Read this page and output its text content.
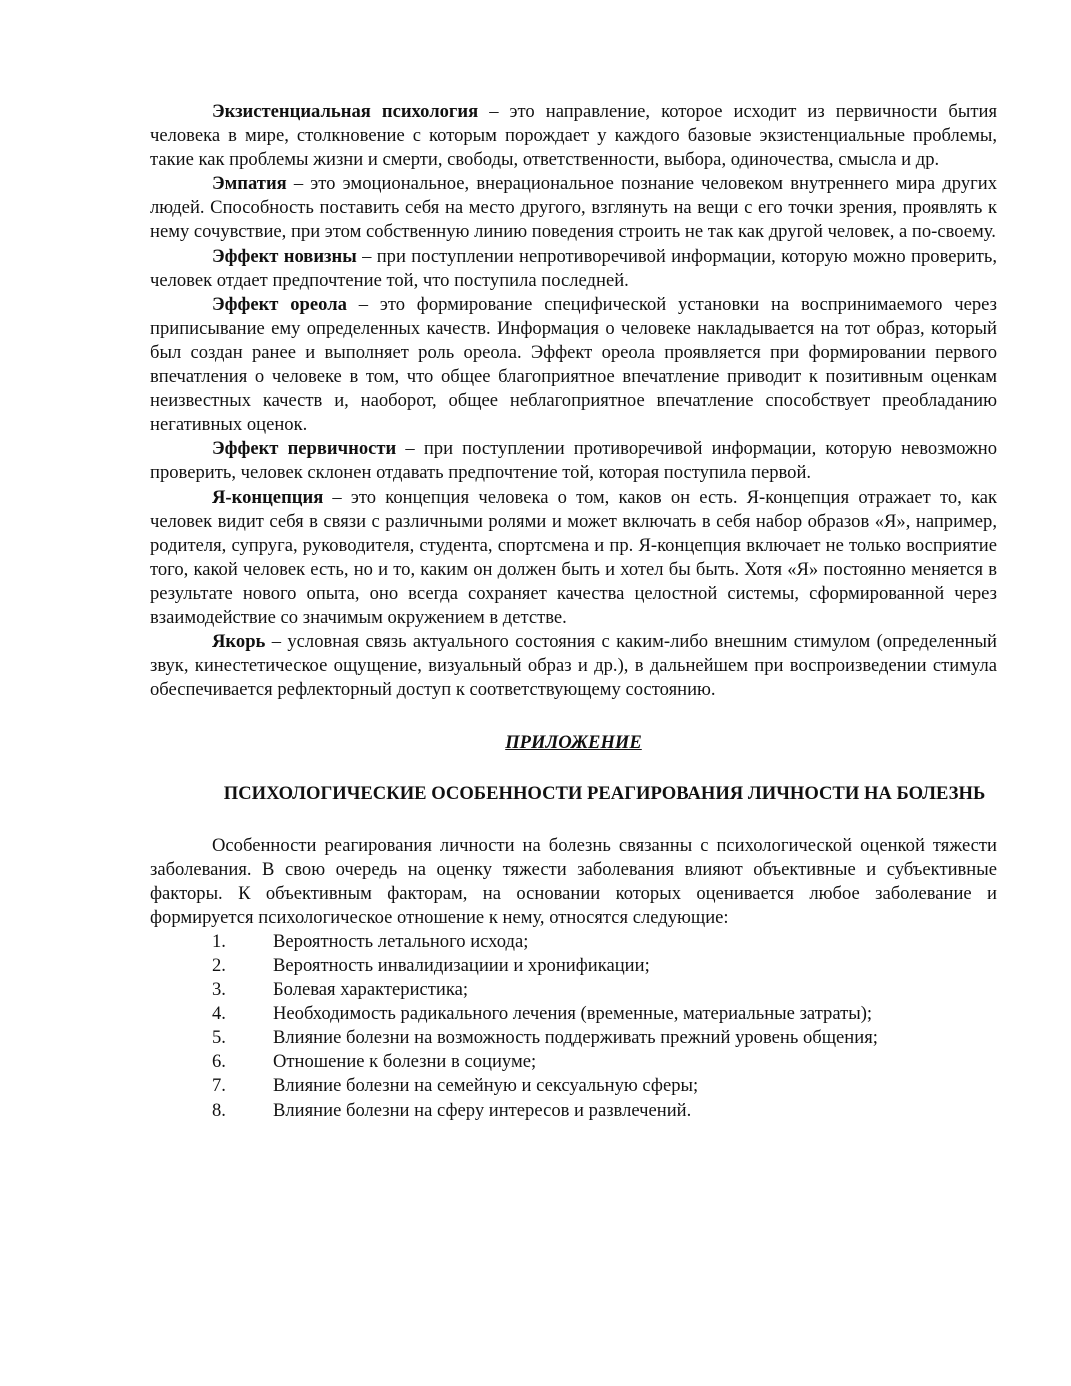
Экзистенциальная психология – это направление, которое исходит из первичности бытия человека в мире, столкновение с которым порождает у каждого базовые экзистенциальные проблемы, такие как проблемы жизни и смерти, свободы, ответственности, выбора, одиночества, смысла и др.

Эмпатия – это эмоциональное, внерациональное познание человеком внутреннего мира других людей. Способность поставить себя на место другого, взглянуть на вещи с его точки зрения, проявлять к нему сочувствие, при этом собственную линию поведения строить не так как другой человек, а по-своему.

Эффект новизны – при поступлении непротиворечивой информации, которую можно проверить, человек отдает предпочтение той, что поступила последней.

Эффект ореола – это формирование специфической установки на воспринимаемого через приписывание ему определенных качеств. Информация о человеке накладывается на тот образ, который был создан ранее и выполняет роль ореола. Эффект ореола проявляется при формировании первого впечатления о человеке в том, что общее благоприятное впечатление приводит к позитивным оценкам неизвестных качеств и, наоборот, общее неблагоприятное впечатление способствует преобладанию негативных оценок.

Эффект первичности – при поступлении противоречивой информации, которую невозможно проверить, человек склонен отдавать предпочтение той, которая поступила первой.

Я-концепция – это концепция человека о том, каков он есть. Я-концепция отражает то, как человек видит себя в связи с различными ролями и может включать в себя набор образов «Я», например, родителя, супруга, руководителя, студента, спортсмена и пр. Я-концепция включает не только восприятие того, какой человек есть, но и то, каким он должен быть и хотел бы быть. Хотя «Я» постоянно меняется в результате нового опыта, оно всегда сохраняет качества целостной системы, сформированной через взаимодействие со значимым окружением в детстве.

Якорь – условная связь актуального состояния с каким-либо внешним стимулом (определенный звук, кинестетическое ощущение, визуальный образ и др.), в дальнейшем при воспроизведении стимула обеспечивается рефлекторный доступ к соответствующему состоянию.

ПРИЛОЖЕНИЕ

ПСИХОЛОГИЧЕСКИЕ ОСОБЕННОСТИ РЕАГИРОВАНИЯ ЛИЧНОСТИ НА БОЛЕЗНЬ

Особенности реагирования личности на болезнь связанны с психологической оценкой тяжести заболевания. В свою очередь на оценку тяжести заболевания влияют объективные и субъективные факторы. К объективным факторам, на основании которых оценивается любое заболевание и формируется психологическое отношение к нему, относятся следующие:

1.	Вероятность летального исхода;
2.	Вероятность инвалидизациии и хронификации;
3.	Болевая характеристика;
4.	Необходимость радикального лечения (временные, материальные затраты);
5.	Влияние болезни на возможность поддерживать прежний уровень общения;
6.	Отношение к болезни в социуме;
7.	Влияние болезни на семейную и сексуальную сферы;
8.	Влияние болезни на сферу интересов и развлечений.
